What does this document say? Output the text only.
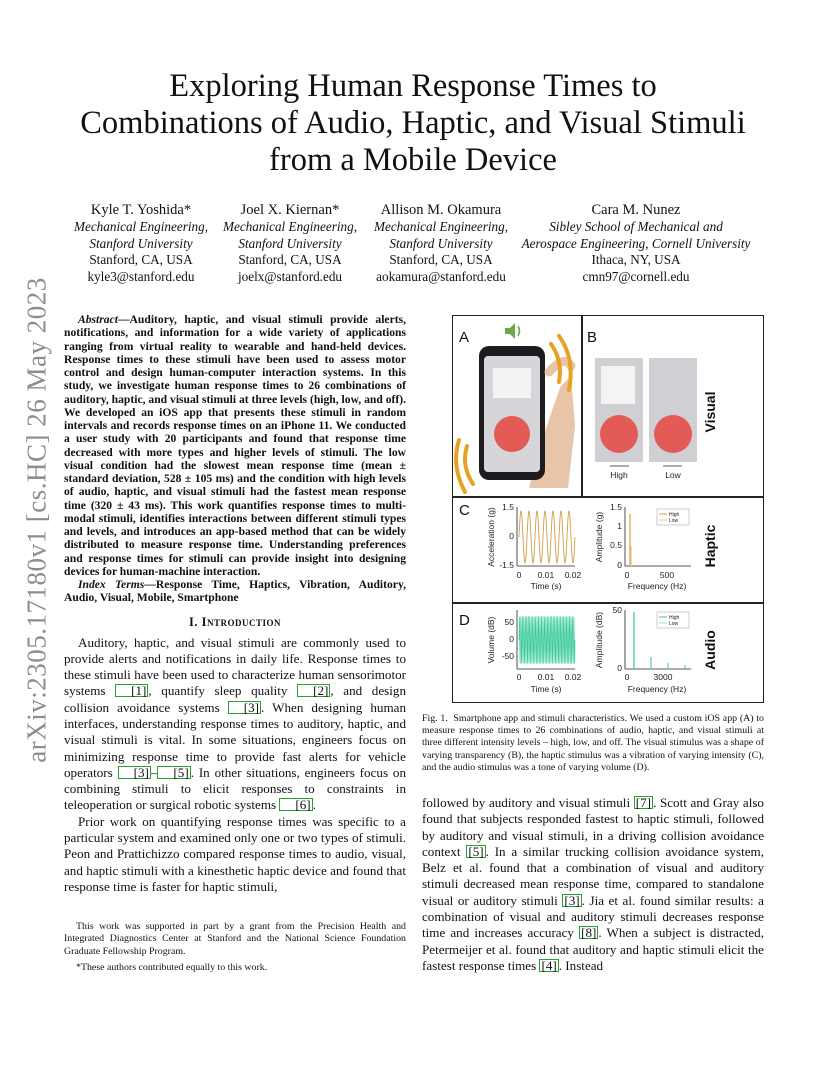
arXiv:2305.17180v1 [cs.HC] 26 May 2023
Exploring Human Response Times to
Combinations of Audio, Haptic, and Visual Stimuli
from a Mobile Device
Kyle T. Yoshida*
Mechanical Engineering,
Stanford University
Stanford, CA, USA
kyle3@stanford.edu
Joel X. Kiernan*
Mechanical Engineering,
Stanford University
Stanford, CA, USA
joelx@stanford.edu
Allison M. Okamura
Mechanical Engineering,
Stanford University
Stanford, CA, USA
aokamura@stanford.edu
Cara M. Nunez
Sibley School of Mechanical and
Aerospace Engineering, Cornell University
Ithaca, NY, USA
cmn97@cornell.edu

Abstract—Auditory, haptic, and visual stimuli provide alerts, notifications, and information for a wide variety of applications ranging from virtual reality to wearable and hand-held devices. Response times to these stimuli have been used to assess motor control and design human-computer interaction systems. In this study, we investigate human response times to 26 combinations of auditory, haptic, and visual stimuli at three levels (high, low, and off). We developed an iOS app that presents these stimuli in random intervals and records response times on an iPhone 11. We conducted a user study with 20 participants and found that response time decreased with more types and higher levels of stimuli. The low visual condition had the slowest mean response time (mean ± standard deviation, 528 ± 105 ms) and the condition with high levels of audio, haptic, and visual stimuli had the fastest mean response time (320 ± 43 ms). This work quantifies response times to multi-modal stimuli, identifies interactions between different stimuli types and levels, and introduces an app-based method that can be widely distributed to measure response time. Understanding preferences and response times for stimuli can provide insight into designing devices for human-machine interaction.

Index Terms—Response Time, Haptics, Vibration, Auditory, Audio, Visual, Mobile, Smartphone

I. Introduction

Auditory, haptic, and visual stimuli are commonly used to provide alerts and notifications in daily life. Response times to these stimuli have been used to characterize human sensorimotor systems [1] , quantify sleep quality [2] , and design collision avoidance systems [3] . When designing human interfaces, understanding response times to auditory, haptic, and visual stimuli is vital. In some situations, engineers focus on minimizing response time to provide fast alerts for vehicle operators [3] – [5] . In other situations, engineers focus on combining stimuli to elicit responses to constraints in teleoperation or surgical robotic systems [6] .

Prior work on quantifying response times was specific to a particular system and examined only one or two types of stimuli. Peon and Prattichizzo compared response times to audio, visual, and haptic stimuli with a kinesthetic haptic device and found that response time is faster for haptic stimuli,

This work was supported in part by a grant from the Precision Health and Integrated Diagnostics Center at Stanford and the National Science Foundation Graduate Fellowship Program.

*These authors contributed equally to this work.

A	B
C
D
High	Low
Visual
1.5
0
-1.5
0 0.01 0.02
Time (s)
Acceleration (g)	High
Low
1.5
1
0.5
0
0	500
Frequency (Hz)
Amplitude (g)	Haptic
50
0
-50
0 0.01 0.02
Time (s)
Volume (dB)	High
Low
50
0
0	3000
Frequency (Hz)
Amplitude (dB)	Audio

Fig. 1. Smartphone app and stimuli characteristics. We used a custom iOS app (A) to measure response times to 26 combinations of audio, haptic, and visual stimuli at three different intensity levels – high, low, and off. The visual stimulus was a shape of varying transparency (B), the haptic stimulus was a vibration of varying intensity (C), and the audio stimulus was a tone of varying volume (D).

followed by auditory and visual stimuli [7] . Scott and Gray also found that subjects responded fastest to haptic stimuli, followed by auditory and visual stimuli, in a driving collision avoidance context [5] . In a similar trucking collision avoidance system, Belz et al. found that a combination of visual and auditory stimuli decreased mean response time, compared to standalone visual or auditory stimuli [3] . Jia et al. found similar results: a combination of visual and auditory stimuli decreases response time and increases accuracy [8] . When a subject is distracted, Petermeijer et al. found that auditory and haptic stimuli elicit the fastest response times [4] . Instead
